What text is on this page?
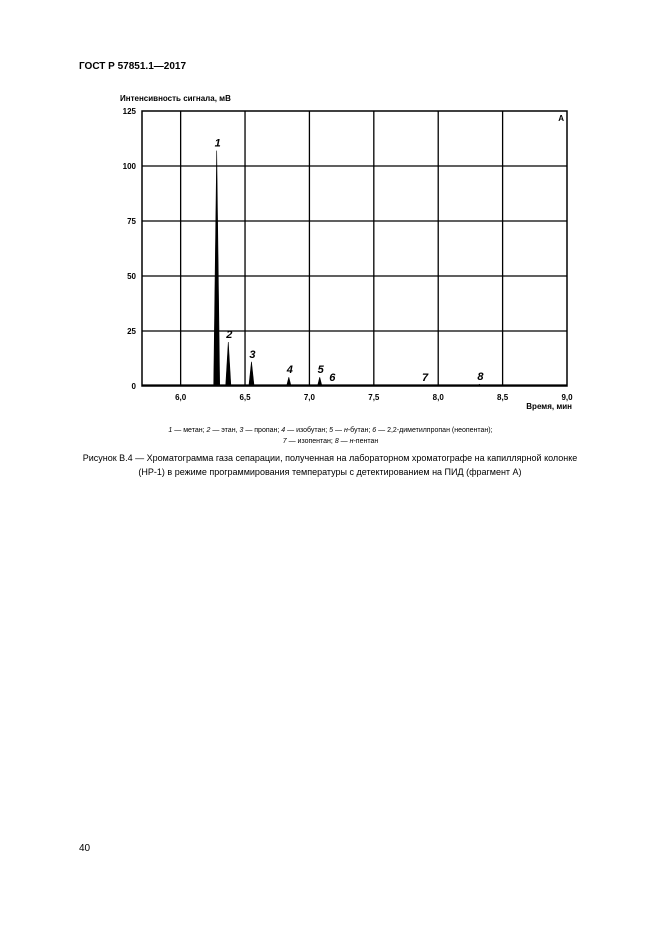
ГОСТ Р 57851.1—2017
Интенсивность сигнала, мВ
Время, мин
А
6,0	6,5	7,0	7,5	8,0	8,5	9,0
0
25
50
75
100
125
1
2
3
4 5
6	7	8
1 — метан; 2 — этан, 3 — пропан; 4 — изобутан; 5 — н-бутан; 6 — 2,2-диметилпропан (неопентан);
7 — изопентан; 8 — н-пентан
Рисунок В.4 — Хроматограмма газа сепарации, полученная на лабораторном хроматографе на капиллярной колонке (НР-1) в режиме программирования температуры с детектированием на ПИД (фрагмент А)
40
